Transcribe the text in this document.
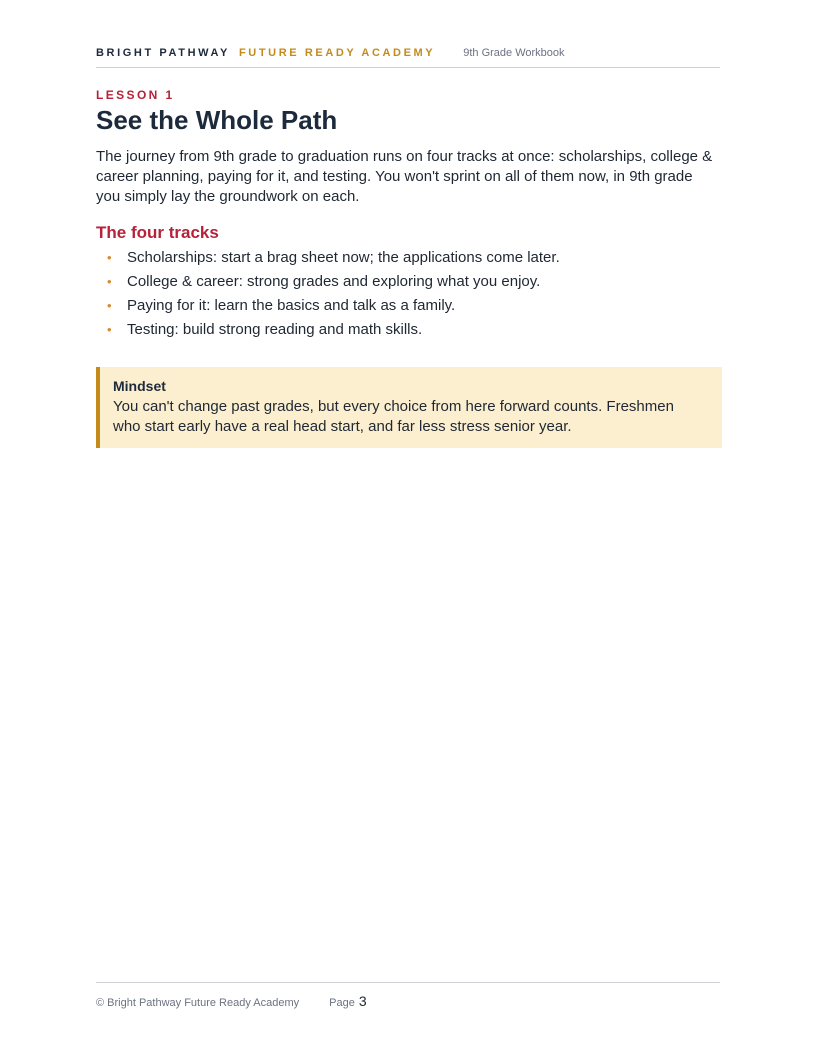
BRIGHT PATHWAY FUTURE READY ACADEMY	9th Grade Workbook
LESSON 1
See the Whole Path

The journey from 9th grade to graduation runs on four tracks at once: scholarships, college & career planning, paying for it, and testing. You won't sprint on all of them now, in 9th grade you simply lay the groundwork on each.

The four tracks
• Scholarships: start a brag sheet now; the applications come later.
• College & career: strong grades and exploring what you enjoy.
• Paying for it: learn the basics and talk as a family.
• Testing: build strong reading and math skills.
Mindset
You can't change past grades, but every choice from here forward counts. Freshmen who start early have a real head start, and far less stress senior year.
© Bright Pathway Future Ready Academy	Page 3
